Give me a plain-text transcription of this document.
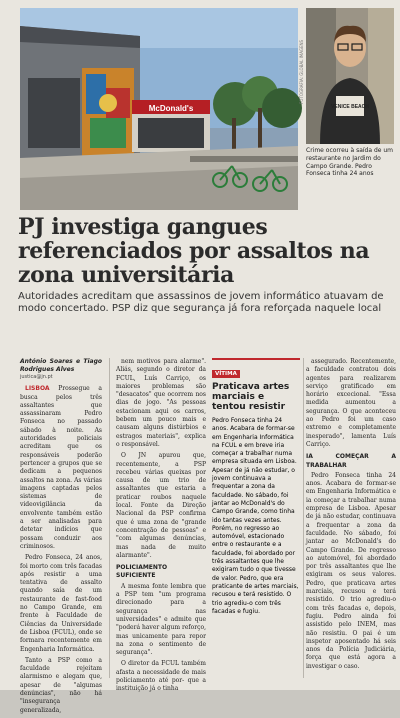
McDonald's
FOTOGRAFIA: GLOBAL IMAGENS
VENICE BEACH
Crime ocorreu à saída de um restaurante no Jardim do Campo Grande. Pedro Fonseca tinha 24 anos
PJ investiga gangues referenciados por assaltos na zona universitária

Autoridades acreditam que assassinos de jovem informático atuavam de modo concertado. PSP diz que segurança já fora reforçada naquele local

António Soares e Tiago Rodrigues Alves
justica@jn.pt

LISBOA Prossegue a busca pelos três assaltantes que assassinaram Pedro Fonseca no passado sábado à noite. As autoridades policiais acreditam que os responsáveis poderão pertencer a grupos que se dedicam a pequenos assaltos na zona. As várias imagens captadas pelos sistemas de videovigilância da envolvente também estão a ser analisadas para detetar indícios que possam conduzir aos criminosos.

Pedro Fonseca, 24 anos, foi morto com três facadas após resistir a uma tentativa de assalto quando saía de um restaurante de fast-food no Campo Grande, em frente à Faculdade de Ciências da Universidade de Lisboa (FCUL), onde se formara recentemente em Engenharia Informática.

Tanto a PSP como a faculdade rejeitam alarmismo e alegam que, apesar de "algumas denúncias", não há "insegurança generalizada,

nem motivos para alarme". Aliás, segundo o diretor da FCUL, Luís Carriço, os maiores problemas são "desacatos" que ocorrem nos dias de jogo. "As pessoas estacionam aqui os carros, bebem um pouco mais e causam alguns distúrbios e estragos materiais", explica o responsável.

O JN apurou que, recentemente, a PSP recebeu várias queixas por causa de um trio de assaltantes que estaria a praticar roubos naquele local. Fonte da Direção Nacional da PSP confirma que é uma zona de "grande concentração de pessoas" e "com algumas denúncias, mas nada de muito alarmante".

POLICIAMENTO SUFICIENTE

A mesma fonte lembra que a PSP tem "um programa direcionado para a segurança nas universidades" e admite que "poderá haver algum reforço, mas unicamente para repor na zona o sentimento de segurança".

O diretor da FCUL também afasta a necessidade de mais policiamento até por- que a instituição já o tinha

VÍTIMA
Praticava artes marciais e tentou resistir
Pedro Fonseca tinha 24 anos. Acabara de formar-se em Engenharia Informática na FCUL e em breve iria começar a trabalhar numa empresa situada em Lisboa. Apesar de já não estudar, o jovem continuava a frequentar a zona da faculdade. No sábado, foi jantar ao McDonald's do Campo Grande, como tinha ido tantas vezes antes. Porém, no regresso ao automóvel, estacionado entre o restaurante e a faculdade, foi abordado por três assaltantes que lhe exigiram tudo o que tivesse de valor. Pedro, que era praticante de artes marciais, recusou e terá resistido. O trio agrediu-o com três facadas e fugiu.

assegurado. Recentemente, a faculdade contratou dois agentes para realizarem serviço gratificado em horário excecional. "Essa medida aumentou a segurança. O que aconteceu ao Pedro foi um caso extremo e completamente inesperado", lamenta Luís Carriço.

IA COMEÇAR A TRABALHAR

Pedro Fonseca tinha 24 anos. Acabara de formar-se em Engenharia Informática e ia começar a trabalhar numa empresa de Lisboa. Apesar de já não estudar, continuava a frequentar a zona da faculdade. No sábado, foi jantar ao McDonald's do Campo Grande. De regresso ao automóvel, foi abordado por três assaltantes que lhe exigiram os seus valores. Pedro, que praticava artes marciais, recusou e terá resistido. O trio agrediu-o com três facadas e, depois, fugiu. Pedro ainda foi assistido pelo INEM, mas não resistiu. O pai é um inspetor aposentado há seis anos da Polícia Judiciária, força que está agora a investigar o caso.
